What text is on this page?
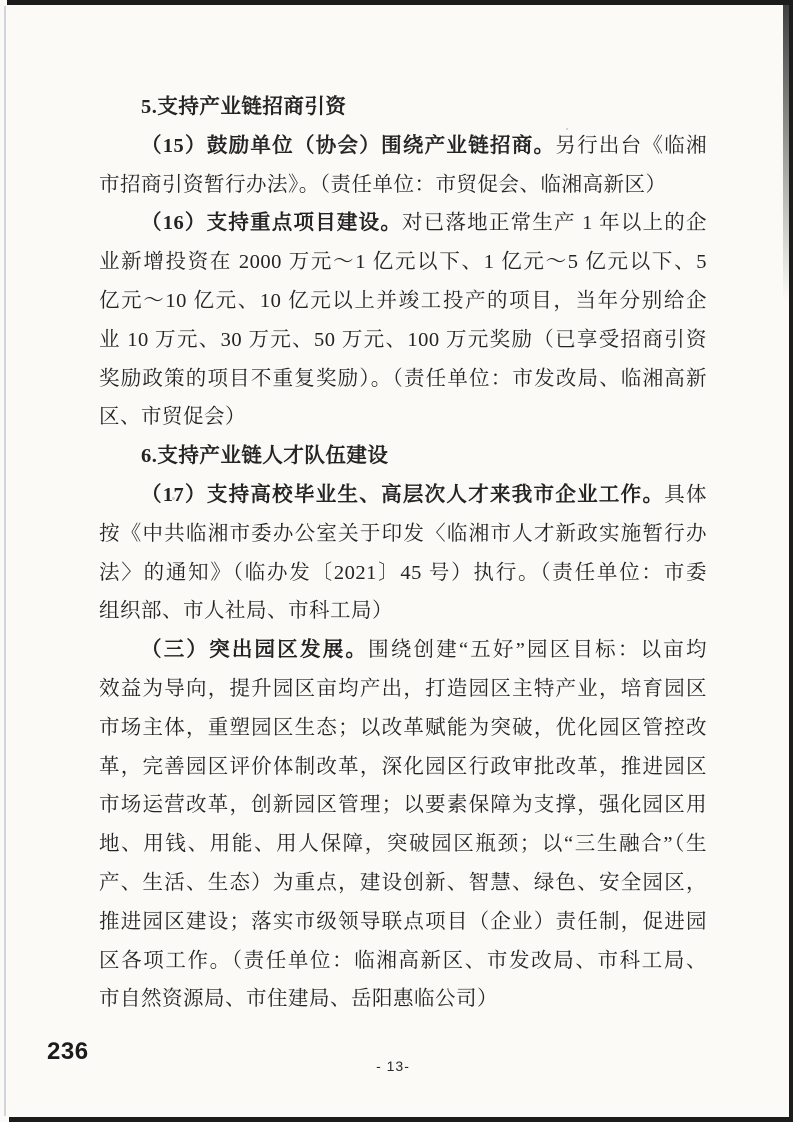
5.支持产业链招商引资
（15）鼓励单位（协会）围绕产业链招商。另行出台《临湘
市招商引资暂行办法》。（责任单位：市贸促会、临湘高新区）
（16）支持重点项目建设。对已落地正常生产 1 年以上的企
业新增投资在 2000 万元～1 亿元以下、1 亿元～5 亿元以下、5
亿元～10 亿元、10 亿元以上并竣工投产的项目，当年分别给企
业 10 万元、30 万元、50 万元、100 万元奖励（已享受招商引资
奖励政策的项目不重复奖励）。（责任单位：市发改局、临湘高新
区、市贸促会）
6.支持产业链人才队伍建设
（17）支持高校毕业生、高层次人才来我市企业工作。具体
按《中共临湘市委办公室关于印发〈临湘市人才新政实施暂行办
法〉的通知》（临办发〔2021〕45 号）执行。（责任单位：市委
组织部、市人社局、市科工局）
（三）突出园区发展。围绕创建“五好”园区目标：以亩均
效益为导向，提升园区亩均产出，打造园区主特产业，培育园区
市场主体，重塑园区生态；以改革赋能为突破，优化园区管控改
革，完善园区评价体制改革，深化园区行政审批改革，推进园区
市场运营改革，创新园区管理；以要素保障为支撑，强化园区用
地、用钱、用能、用人保障，突破园区瓶颈；以“三生融合”（生
产、生活、生态）为重点，建设创新、智慧、绿色、安全园区，
推进园区建设；落实市级领导联点项目（企业）责任制，促进园
区各项工作。（责任单位：临湘高新区、市发改局、市科工局、
市自然资源局、市住建局、岳阳惠临公司）
236
- 13-
